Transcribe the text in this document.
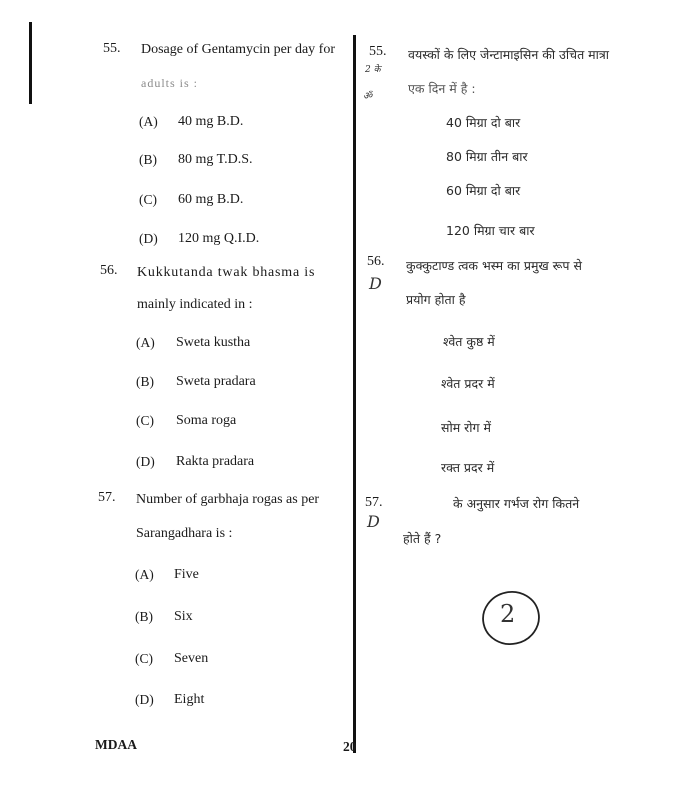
55. Dosage of Gentamycin per day for
adults is :
(A) 40 mg B.D.
(B) 80 mg T.D.S.
(C) 60 mg B.D.
(D) 120 mg Q.I.D.
55. वयस्कों के लिए जेन्टामाइसिन की उचित मात्रा
एक दिन में है :
40 मिग्रा दो बार
80 मिग्रा तीन बार
60 मिग्रा दो बार
120 मिग्रा चार बार
2 के
ॐ
56. Kukkutanda twak bhasma is
mainly indicated in :
(A) Sweta kustha
(B) Sweta pradara
(C) Soma roga
(D) Rakta pradara
56. कुक्कुटाण्ड त्वक भस्म का प्रमुख रूप से
प्रयोग होता है
श्वेत कुष्ठ में
श्वेत प्रदर में
सोम रोग में
रक्त प्रदर में
D
57. Number of garbhaja rogas as per
Sarangadhara is :
(A) Five
(B) Six
(C) Seven
(D) Eight
57.	के अनुसार गर्भज रोग कितने
होते हैं ?
D
2
MDAA	20
